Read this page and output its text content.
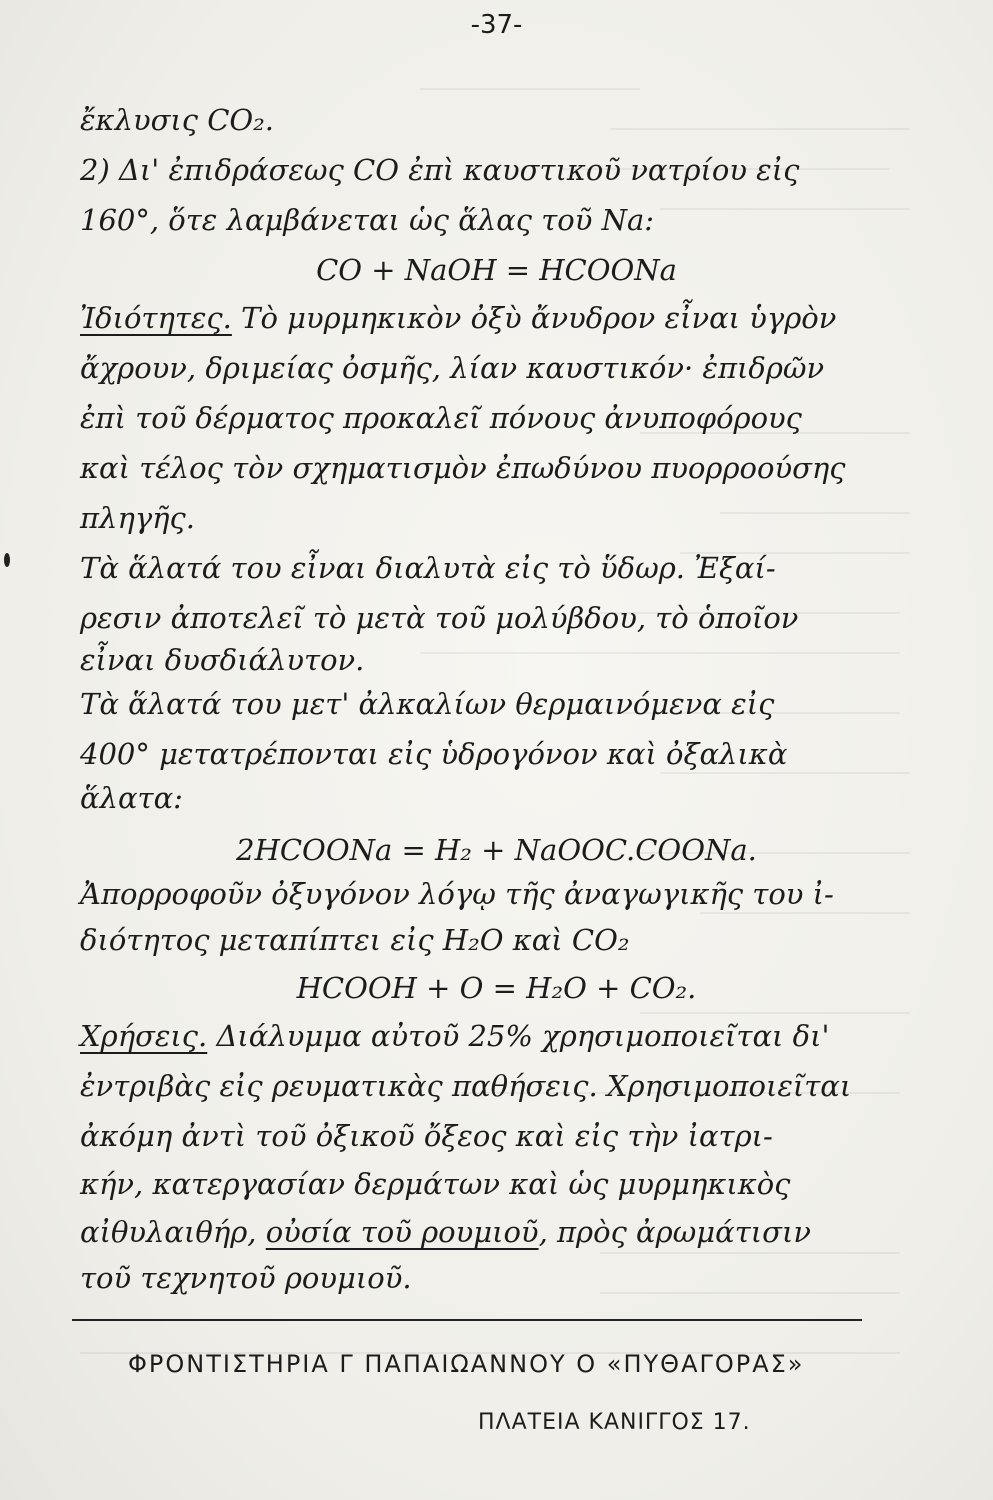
-37-
ἔκλυσις CO₂.
2) Δι' ἐπιδράσεως CO ἐπὶ καυστικοῦ νατρίου εἰς
160°, ὅτε λαμβάνεται ὡς ἅλας τοῦ Na:
CO + NaOH = HCOONa
Ἰδιότητες. Τὸ μυρμηκικὸν ὀξὺ ἄνυδρον εἶναι ὑγρὸν
ἄχρουν, δριμείας ὀσμῆς, λίαν καυστικόν· ἐπιδρῶν
ἐπὶ τοῦ δέρματος προκαλεῖ πόνους ἀνυποφόρους
καὶ τέλος τὸν σχηματισμὸν ἐπωδύνου πυορροούσης
πληγῆς.
Τὰ ἅλατά του εἶναι διαλυτὰ εἰς τὸ ὕδωρ. Ἐξαί-
ρεσιν ἀποτελεῖ τὸ μετὰ τοῦ μολύβδου, τὸ ὁποῖον
εἶναι δυσδιάλυτον.
Τὰ ἅλατά του μετ' ἀλκαλίων θερμαινόμενα εἰς
400° μετατρέπονται εἰς ὑδρογόνον καὶ ὀξαλικὰ
ἅλατα:
2HCOONa = H₂ + NaOOC.COONa.
Ἀπορροφοῦν ὀξυγόνον λόγῳ τῆς ἀναγωγικῆς του ἰ-
διότητος μεταπίπτει εἰς H₂O καὶ CO₂
HCOOH + O = H₂O + CO₂.
Χρήσεις. Διάλυμμα αὐτοῦ 25% χρησιμοποιεῖται δι'
ἐντριβὰς εἰς ρευματικὰς παθήσεις. Χρησιμοποιεῖται
ἀκόμη ἀντὶ τοῦ ὀξικοῦ ὄξεος καὶ εἰς τὴν ἰατρι-
κήν, κατεργασίαν δερμάτων καὶ ὡς μυρμηκικὸς
αἰθυλαιθήρ, οὐσία τοῦ ρουμιοῦ, πρὸς ἀρωμάτισιν
τοῦ τεχνητοῦ ρουμιοῦ.
ΦΡΟΝΤΙΣΤΗΡΙΑ Γ ΠΑΠΑΙΩΑΝΝΟΥ Ο «ΠΥΘΑΓΟΡΑΣ»
ΠΛΑΤΕΙΑ ΚΑΝΙΓΓΟΣ 17.
